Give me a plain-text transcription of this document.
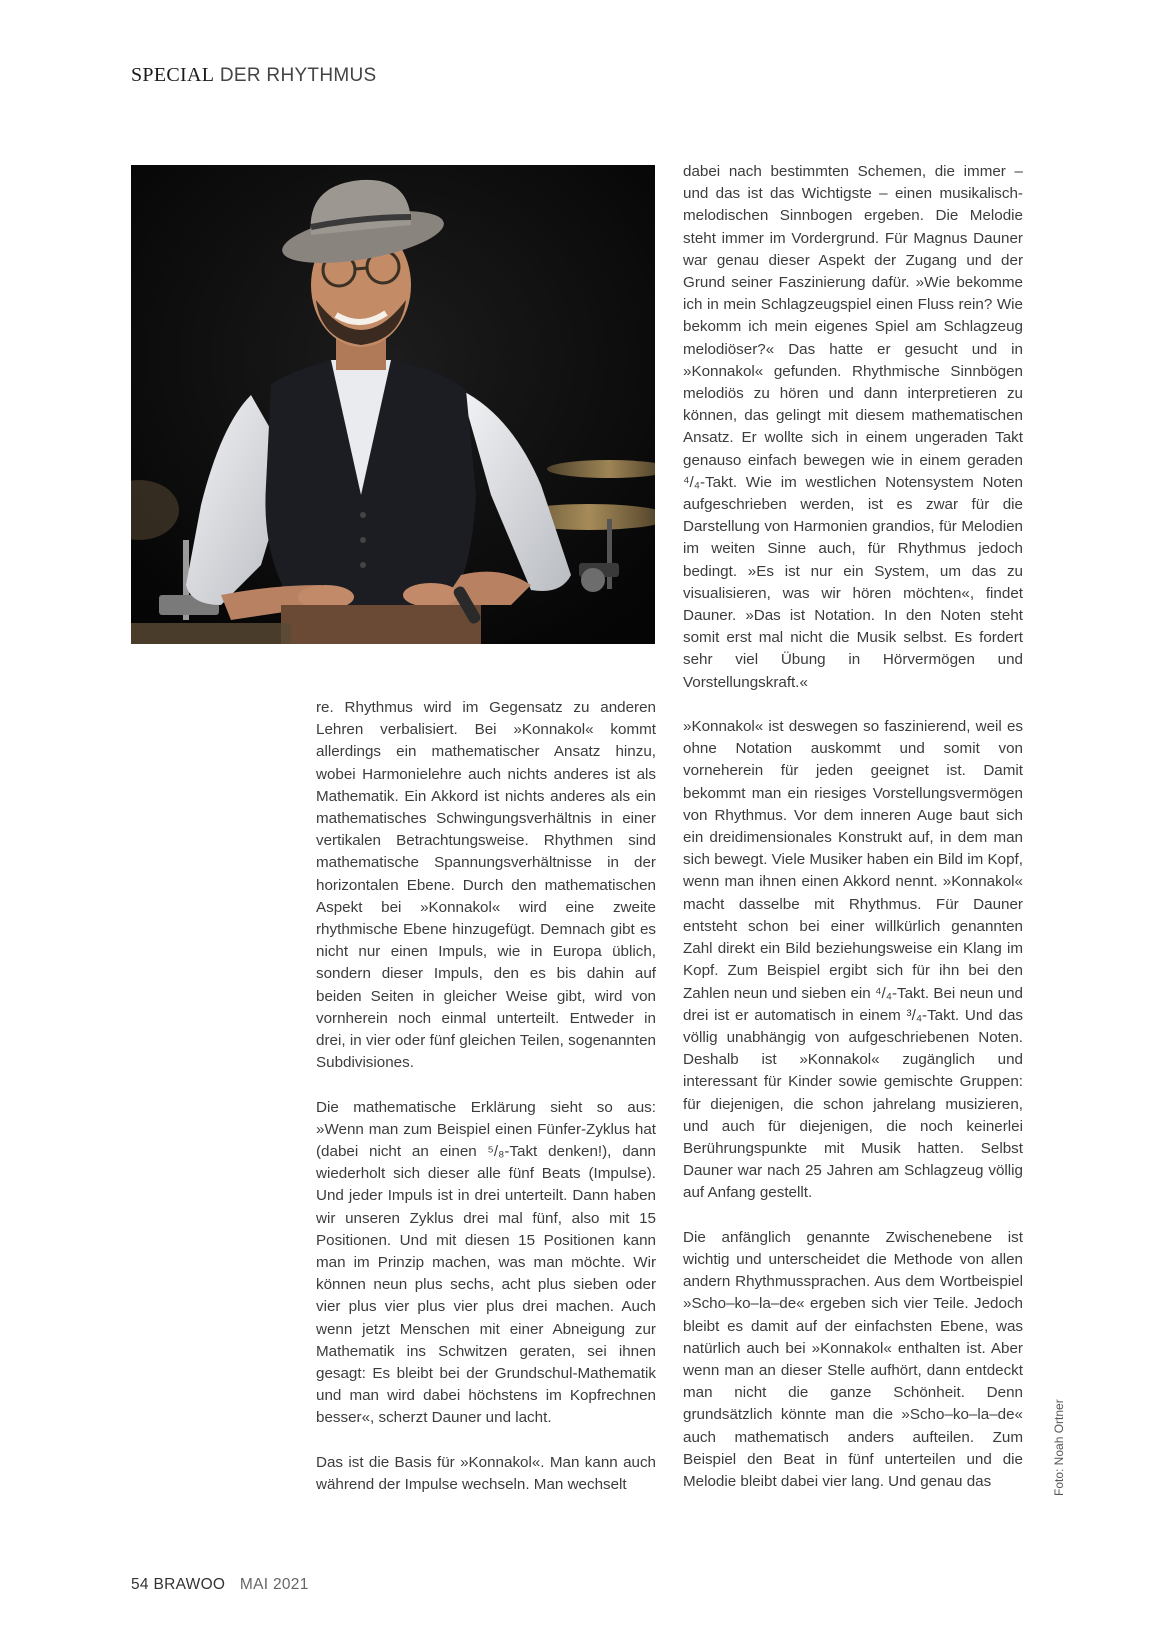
SPECIAL DER RHYTHMUS

re. Rhythmus wird im Gegensatz zu anderen Lehren verbalisiert. Bei »Konnakol« kommt allerdings ein mathematischer Ansatz hinzu, wobei Harmonielehre auch nichts anderes ist als Mathematik. Ein Akkord ist nichts anderes als ein mathematisches Schwingungsverhältnis in einer vertikalen Betrachtungsweise. Rhythmen sind mathematische Spannungsverhältnisse in der horizontalen Ebene. Durch den mathematischen Aspekt bei »Konnakol« wird eine zweite rhythmische Ebene hinzugefügt. Demnach gibt es nicht nur einen Impuls, wie in Europa üblich, sondern dieser Impuls, den es bis dahin auf beiden Seiten in gleicher Weise gibt, wird von vornherein noch einmal unterteilt. Entweder in drei, in vier oder fünf gleichen Teilen, sogenannten Subdivisiones.

Die mathematische Erklärung sieht so aus: »Wenn man zum Beispiel einen Fünfer-Zyklus hat (dabei nicht an einen ⁵/₈-Takt denken!), dann wiederholt sich dieser alle fünf Beats (Impulse). Und jeder Impuls ist in drei unterteilt. Dann haben wir unseren Zyklus drei mal fünf, also mit 15 Positionen. Und mit diesen 15 Positionen kann man im Prinzip machen, was man möchte. Wir können neun plus sechs, acht plus sieben oder vier plus vier plus vier plus drei machen. Auch wenn jetzt Menschen mit einer Abneigung zur Mathematik ins Schwitzen geraten, sei ihnen gesagt: Es bleibt bei der Grundschul-Mathematik und man wird dabei höchstens im Kopfrechnen besser«, scherzt Dauner und lacht.

Das ist die Basis für »Konnakol«. Man kann auch während der Impulse wechseln. Man wechselt

dabei nach bestimmten Schemen, die immer – und das ist das Wichtigste – einen musikalisch-melodischen Sinnbogen ergeben. Die Melodie steht immer im Vordergrund. Für Magnus Dauner war genau dieser Aspekt der Zugang und der Grund seiner Faszinierung dafür. »Wie bekomme ich in mein Schlagzeugspiel einen Fluss rein? Wie bekomm ich mein eigenes Spiel am Schlagzeug melodiöser?« Das hatte er gesucht und in »Konnakol« gefunden. Rhythmische Sinnbögen melodiös zu hören und dann interpretieren zu können, das gelingt mit diesem mathematischen Ansatz. Er wollte sich in einem ungeraden Takt genauso einfach bewegen wie in einem geraden ⁴/₄-Takt. Wie im westlichen Notensystem Noten aufgeschrieben werden, ist es zwar für die Darstellung von Harmonien grandios, für Melodien im weiten Sinne auch, für Rhythmus jedoch bedingt. »Es ist nur ein System, um das zu visualisieren, was wir hören möchten«, findet Dauner. »Das ist Notation. In den Noten steht somit erst mal nicht die Musik selbst. Es fordert sehr viel Übung in Hörvermögen und Vorstellungskraft.«

»Konnakol« ist deswegen so faszinierend, weil es ohne Notation auskommt und somit von vorneherein für jeden geeignet ist. Damit bekommt man ein riesiges Vorstellungsvermögen von Rhythmus. Vor dem inneren Auge baut sich ein dreidimensionales Konstrukt auf, in dem man sich bewegt. Viele Musiker haben ein Bild im Kopf, wenn man ihnen einen Akkord nennt. »Konnakol« macht dasselbe mit Rhythmus. Für Dauner entsteht schon bei einer willkürlich genannten Zahl direkt ein Bild beziehungsweise ein Klang im Kopf. Zum Beispiel ergibt sich für ihn bei den Zahlen neun und sieben ein ⁴/₄-Takt. Bei neun und drei ist er automatisch in einem ³/₄-Takt. Und das völlig unabhängig von aufgeschriebenen Noten. Deshalb ist »Konnakol« zugänglich und interessant für Kinder sowie gemischte Gruppen: für diejenigen, die schon jahrelang musizieren, und auch für diejenigen, die noch keinerlei Berührungspunkte mit Musik hatten. Selbst Dauner war nach 25 Jahren am Schlagzeug völlig auf Anfang gestellt.

Die anfänglich genannte Zwischenebene ist wichtig und unterscheidet die Methode von allen andern Rhythmussprachen. Aus dem Wortbeispiel »Scho–ko–la–de« ergeben sich vier Teile. Jedoch bleibt es damit auf der einfachsten Ebene, was natürlich auch bei »Konnakol« enthalten ist. Aber wenn man an dieser Stelle aufhört, dann entdeckt man nicht die ganze Schönheit. Denn grundsätzlich könnte man die »Scho–ko–la–de« auch mathematisch anders aufteilen. Zum Beispiel den Beat in fünf unterteilen und die Melodie bleibt dabei vier lang. Und genau das	Foto: Noah Ortner
54 BRAWOO MAI 2021
